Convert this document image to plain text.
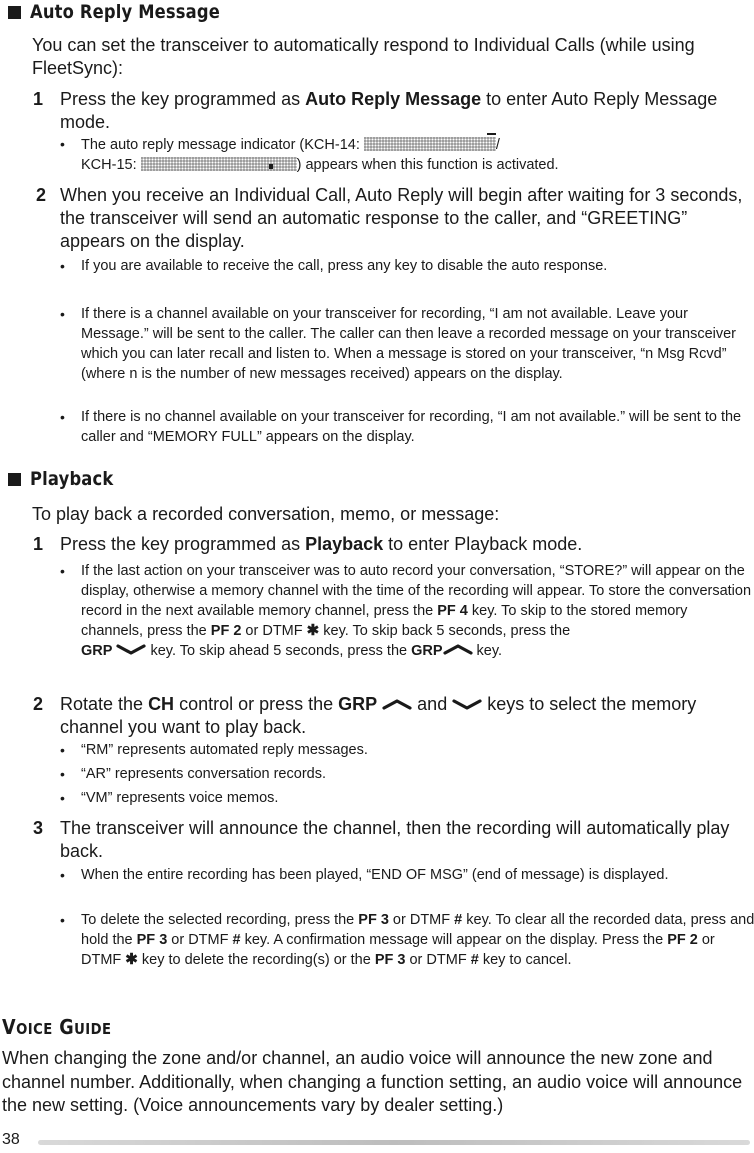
Auto Reply Message
You can set the transceiver to automatically respond to Individual Calls (while using FleetSync):
1 Press the key programmed as Auto Reply Message to enter Auto Reply Message mode.
• The auto reply message indicator (KCH-14:	/
KCH-15:	) appears when this function is activated.
2 When you receive an Individual Call, Auto Reply will begin after waiting for 3 seconds, the transceiver will send an automatic response to the caller, and “GREETING” appears on the display.
• If you are available to receive the call, press any key to disable the auto response.
• If there is a channel available on your transceiver for recording, “I am not available. Leave your Message.” will be sent to the caller. The caller can then leave a recorded message on your transceiver which you can later recall and listen to. When a message is stored on your transceiver, “n Msg Rcvd” (where n is the number of new messages received) appears on the display.
• If there is no channel available on your transceiver for recording, “I am not available.” will be sent to the caller and “MEMORY FULL” appears on the display.
Playback
To play back a recorded conversation, memo, or message:
1 Press the key programmed as Playback to enter Playback mode.
• If the last action on your transceiver was to auto record your conversation, “STORE?” will appear on the display, otherwise a memory channel with the time of the recording will appear. To store the conversation record in the next available memory channel, press the PF 4 key. To skip to the stored memory channels, press the PF 2 or DTMF ✱ key. To skip back 5 seconds, press the
GRP  key. To skip ahead 5 seconds, press the GRP key.
2 Rotate the CH control or press the GRP  and  keys to select the memory channel you want to play back.
• “RM” represents automated reply messages.
• “AR” represents conversation records.
• “VM” represents voice memos.
3 The transceiver will announce the channel, then the recording will automatically play back.
• When the entire recording has been played, “END OF MSG” (end of message) is displayed.
• To delete the selected recording, press the PF 3 or DTMF # key. To clear all the recorded data, press and hold the PF 3 or DTMF # key. A confirmation message will appear on the display. Press the PF 2 or DTMF ✱ key to delete the recording(s) or the PF 3 or DTMF # key to cancel.
VOICE GUIDE
When changing the zone and/or channel, an audio voice will announce the new zone and channel number. Additionally, when changing a function setting, an audio voice will announce the new setting. (Voice announcements vary by dealer setting.)
38
